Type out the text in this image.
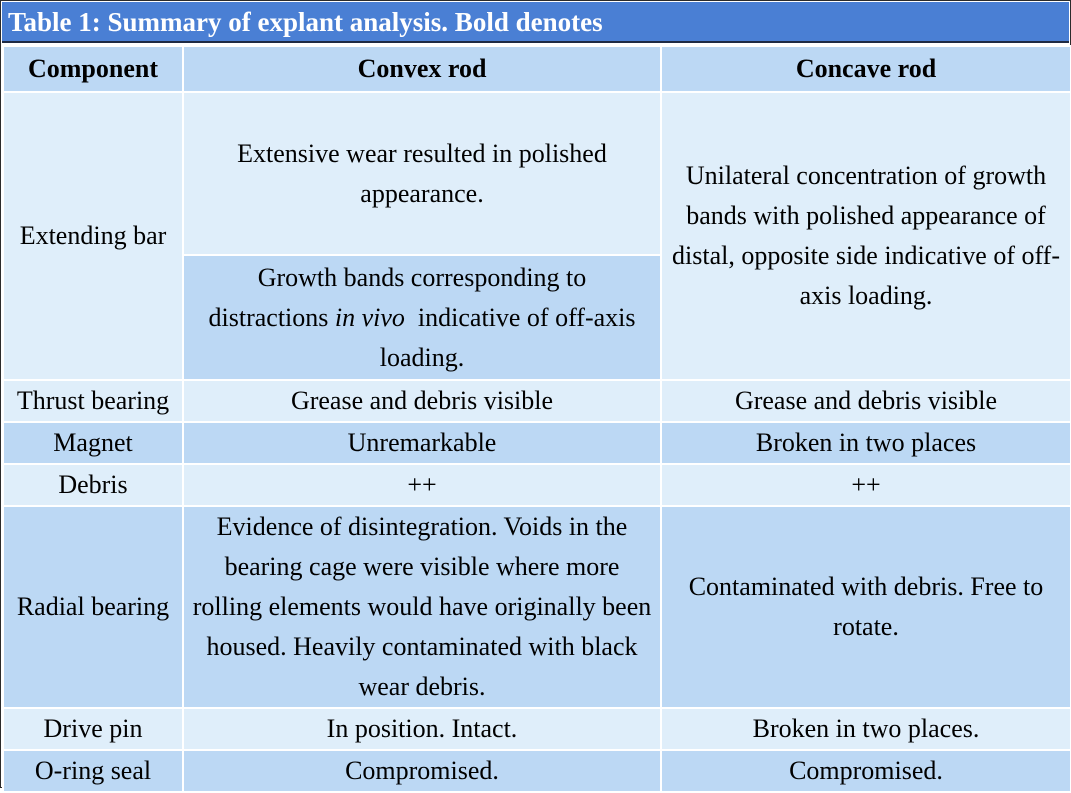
Table 1: Summary of explant analysis. Bold denotes
Component	Convex rod	Concave rod
Extending bar	Extensive wear resulted in polished appearance.	Unilateral concentration of growth bands with polished appearance of distal, opposite side indicative of off-axis loading.
	Growth bands corresponding to distractions in vivo  indicative of off-axis loading.	
Thrust bearing	Grease and debris visible	Grease and debris visible
Magnet	Unremarkable	Broken in two places
Debris	++	++
Radial bearing	Evidence of disintegration. Voids in the bearing cage were visible where more rolling elements would have originally been housed. Heavily contaminated with black wear debris.	Contaminated with debris. Free to rotate.
Drive pin	In position. Intact.	Broken in two places.
O-ring seal	Compromised.	Compromised.
